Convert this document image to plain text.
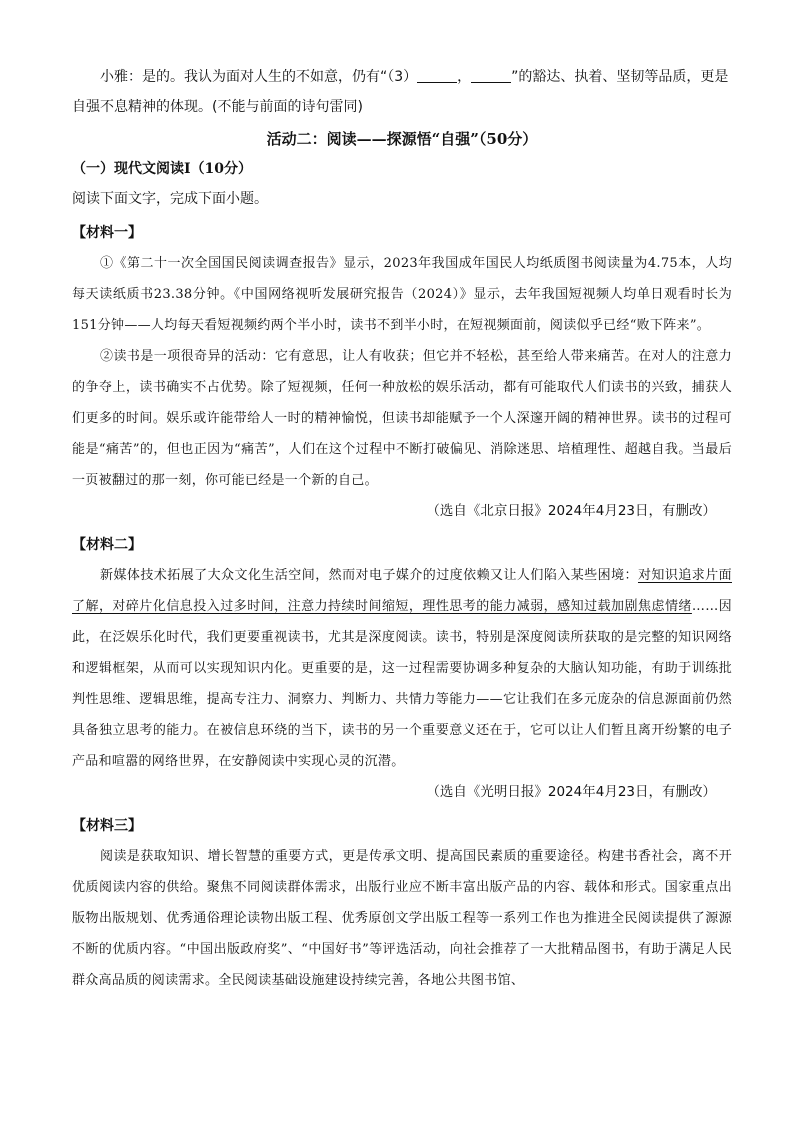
小雅：是的。我认为面对人生的不如意，仍有“（3）	，	”的豁达、执着、坚韧等品质，更是自强不息精神的体现。(不能与前面的诗句雷同)

活动二：阅读——探源悟“自强”（50分）

（一）现代文阅读Ⅰ（10分）

阅读下面文字，完成下面小题。

【材料一】

①《第二十一次全国国民阅读调查报告》显示，2023年我国成年国民人均纸质图书阅读量为4.75本，人均每天读纸质书23.38分钟。《中国网络视听发展研究报告（2024）》显示，去年我国短视频人均单日观看时长为151分钟——人均每天看短视频约两个半小时，读书不到半小时，在短视频面前，阅读似乎已经“败下阵来”。

②读书是一项很奇异的活动：它有意思，让人有收获；但它并不轻松，甚至给人带来痛苦。在对人的注意力的争夺上，读书确实不占优势。除了短视频，任何一种放松的娱乐活动，都有可能取代人们读书的兴致，捕获人们更多的时间。娱乐或许能带给人一时的精神愉悦，但读书却能赋予一个人深邃开阔的精神世界。读书的过程可能是“痛苦”的，但也正因为“痛苦”，人们在这个过程中不断打破偏见、消除迷思、培植理性、超越自我。当最后一页被翻过的那一刻，你可能已经是一个新的自己。

（选自《北京日报》2024年4月23日，有删改）

【材料二】

新媒体技术拓展了大众文化生活空间，然而对电子媒介的过度依赖又让人们陷入某些困境：对知识追求片面了解，对碎片化信息投入过多时间，注意力持续时间缩短，理性思考的能力减弱，感知过载加剧焦虑情绪……因此，在泛娱乐化时代，我们更要重视读书，尤其是深度阅读。读书，特别是深度阅读所获取的是完整的知识网络和逻辑框架，从而可以实现知识内化。更重要的是，这一过程需要协调多种复杂的大脑认知功能，有助于训练批判性思维、逻辑思维，提高专注力、洞察力、判断力、共情力等能力——它让我们在多元庞杂的信息源面前仍然具备独立思考的能力。在被信息环绕的当下，读书的另一个重要意义还在于，它可以让人们暂且离开纷繁的电子产品和喧嚣的网络世界，在安静阅读中实现心灵的沉潜。

（选自《光明日报》2024年4月23日，有删改）

【材料三】

阅读是获取知识、增长智慧的重要方式，更是传承文明、提高国民素质的重要途径。构建书香社会，离不开优质阅读内容的供给。聚焦不同阅读群体需求，出版行业应不断丰富出版产品的内容、载体和形式。国家重点出版物出版规划、优秀通俗理论读物出版工程、优秀原创文学出版工程等一系列工作也为推进全民阅读提供了源源不断的优质内容。“中国出版政府奖”、“中国好书”等评选活动，向社会推荐了一大批精品图书，有助于满足人民群众高品质的阅读需求。全民阅读基础设施建设持续完善，各地公共图书馆、
